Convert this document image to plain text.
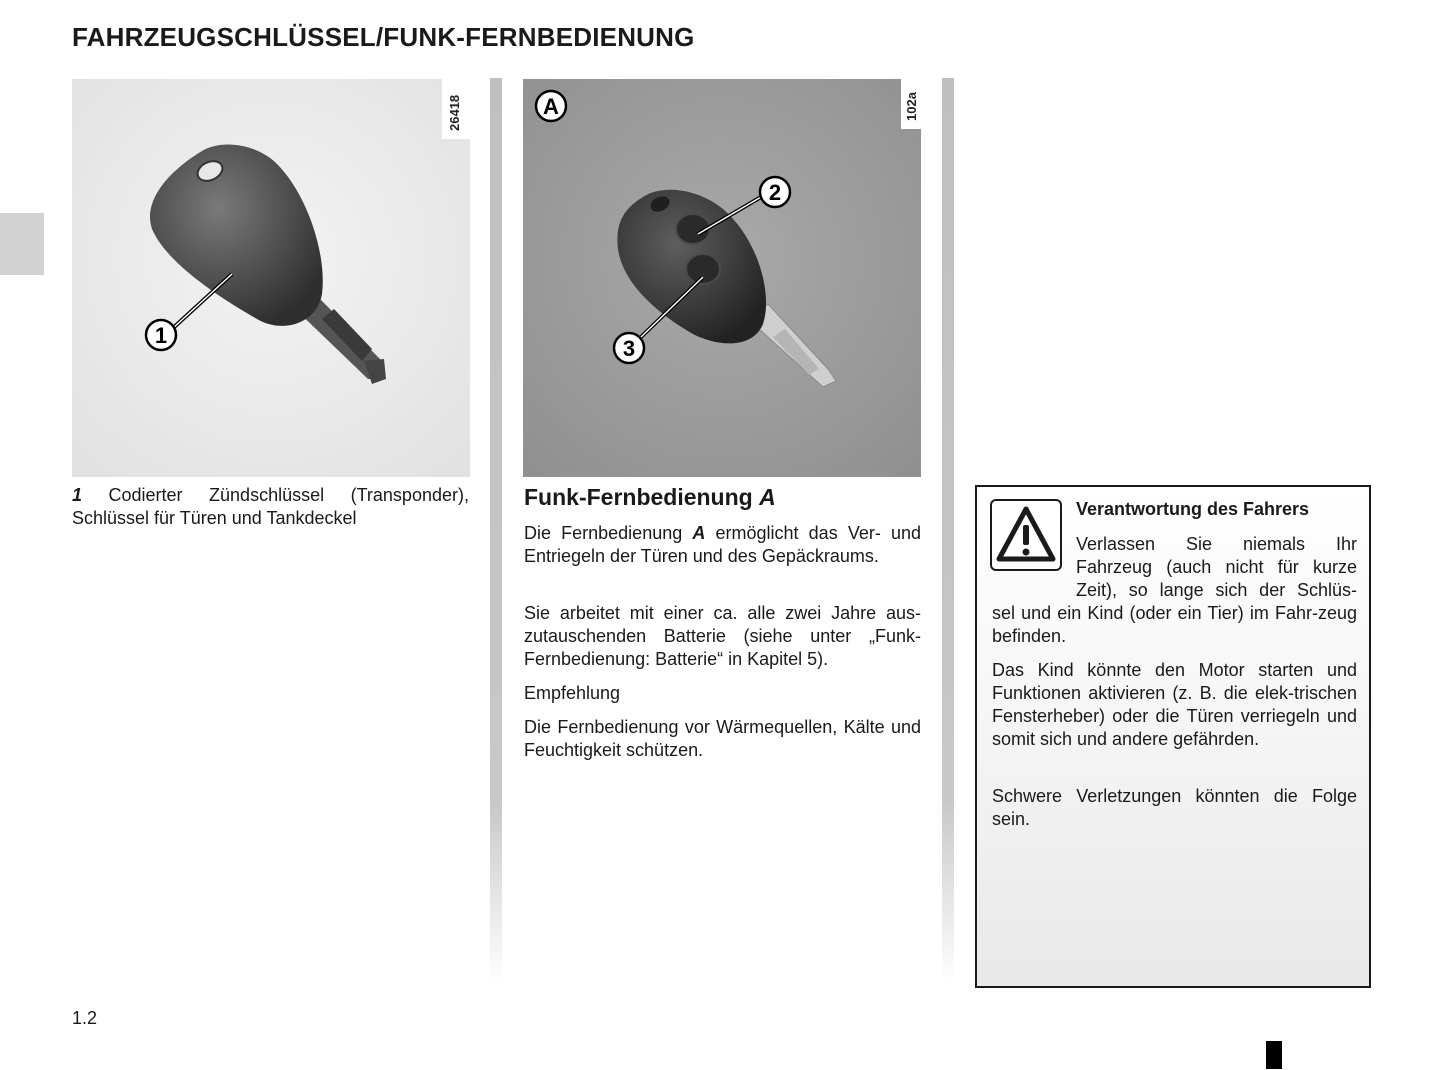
FAHRZEUGSCHLÜSSEL/FUNK-FERNBEDIENUNG
1
26418
1 Codierter Zündschlüssel (Transponder), Schlüssel für Türen und Tankdeckel
2
3
A	102a
Funk-Fernbedienung A

Die Fernbedienung A ermöglicht das Ver- und Entriegeln der Türen und des Gepäckraums.

Sie arbeitet mit einer ca. alle zwei Jahre auszutauschenden Batterie (siehe unter „Funk-Fernbedienung: Batterie“ in Kapitel 5).

Empfehlung

Die Fernbedienung vor Wärmequellen, Kälte und Feuchtigkeit schützen.

Verantwortung des Fahrers
Verlassen Sie niemals Ihr
Fahrzeug (auch nicht für kurze
Zeit), so lange sich der Schlüs-
sel und ein Kind (oder ein Tier) im Fahr-zeug befinden.
Das Kind könnte den Motor starten und Funktionen aktivieren (z. B. die elek-trischen Fensterheber) oder die Türen verriegeln und somit sich und andere gefährden.
Schwere Verletzungen könnten die Folge sein.
1.2
